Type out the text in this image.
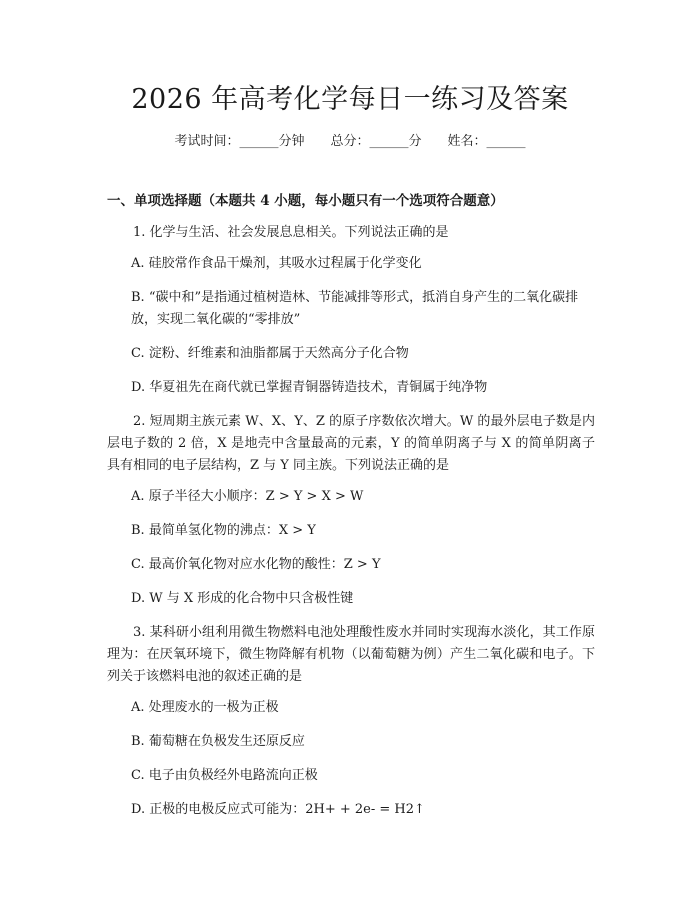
2026 年高考化学每日一练习及答案
考试时间：______分钟 总分：______分 姓名：______
一、单项选择题（本题共 4 小题，每小题只有一个选项符合题意）

1. 化学与生活、社会发展息息相关。下列说法正确的是

A. 硅胶常作食品干燥剂，其吸水过程属于化学变化

B. “碳中和”是指通过植树造林、节能减排等形式，抵消自身产生的二氧化碳排放，实现二氧化碳的“零排放”

C. 淀粉、纤维素和油脂都属于天然高分子化合物

D. 华夏祖先在商代就已掌握青铜器铸造技术，青铜属于纯净物

2. 短周期主族元素 W、X、Y、Z 的原子序数依次增大。W 的最外层电子数是内层电子数的 2 倍，X 是地壳中含量最高的元素，Y 的简单阴离子与 X 的简单阴离子具有相同的电子层结构，Z 与 Y 同主族。下列说法正确的是

A. 原子半径大小顺序：Z > Y > X > W

B. 最简单氢化物的沸点：X > Y

C. 最高价氧化物对应水化物的酸性：Z > Y

D. W 与 X 形成的化合物中只含极性键

3. 某科研小组利用微生物燃料电池处理酸性废水并同时实现海水淡化，其工作原理为：在厌氧环境下，微生物降解有机物（以葡萄糖为例）产生二氧化碳和电子。下列关于该燃料电池的叙述正确的是

A. 处理废水的一极为正极

B. 葡萄糖在负极发生还原反应

C. 电子由负极经外电路流向正极

D. 正极的电极反应式可能为：2H+ + 2e- = H2↑
